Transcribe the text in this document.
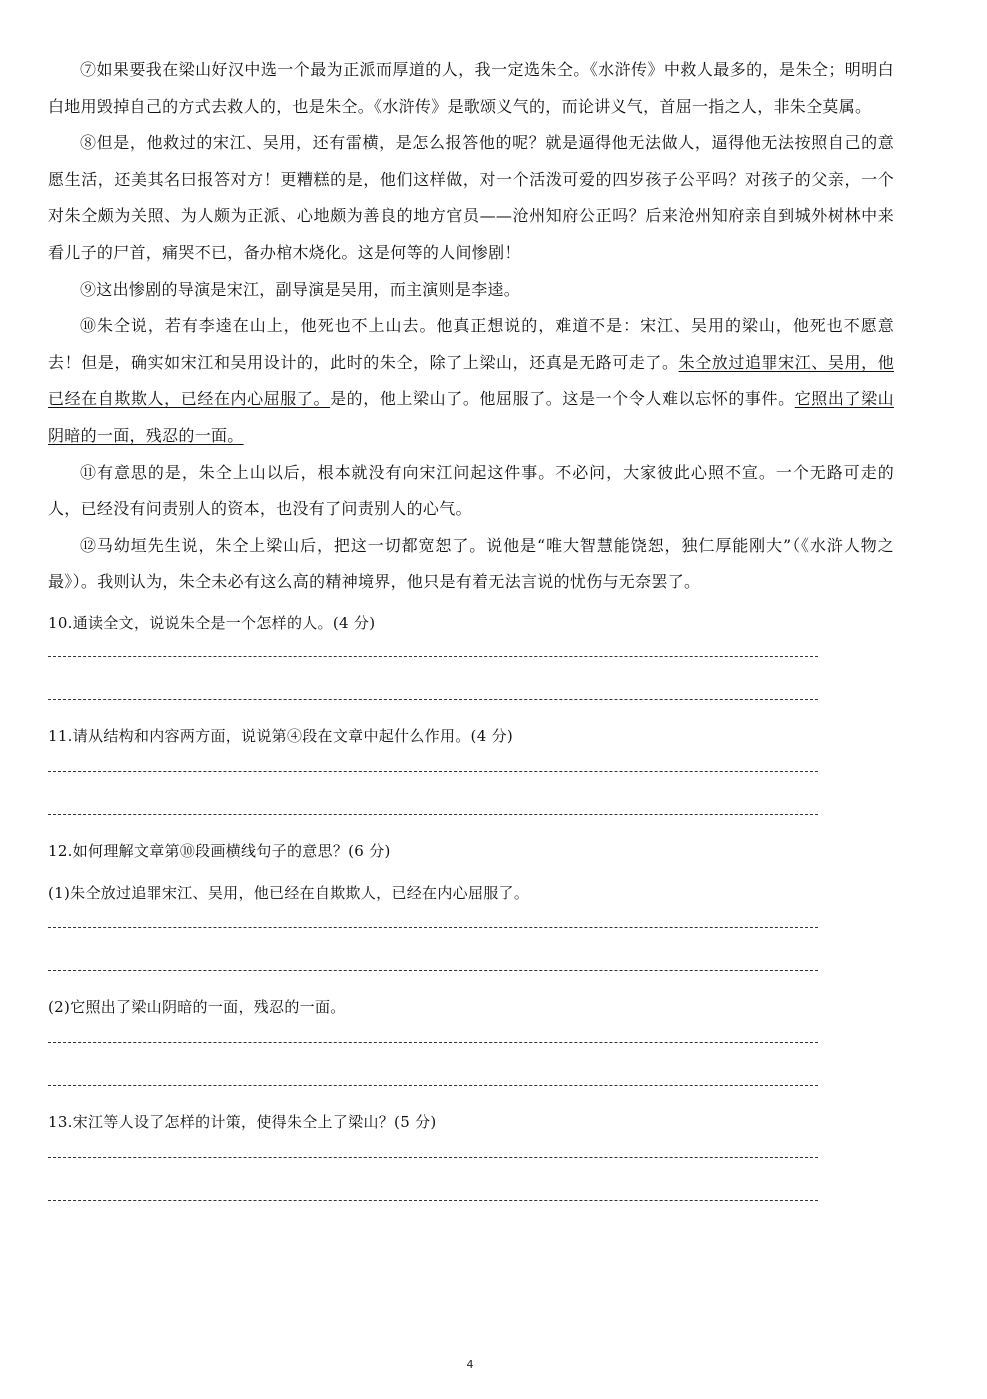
⑦如果要我在梁山好汉中选一个最为正派而厚道的人，我一定选朱仝。《水浒传》中救人最多的，是朱仝；明明白白地用毁掉自己的方式去救人的，也是朱仝。《水浒传》是歌颂义气的，而论讲义气，首屈一指之人，非朱仝莫属。

⑧但是，他救过的宋江、吴用，还有雷横，是怎么报答他的呢？就是逼得他无法做人，逼得他无法按照自己的意愿生活，还美其名曰报答对方！更糟糕的是，他们这样做，对一个活泼可爱的四岁孩子公平吗？对孩子的父亲，一个对朱仝颇为关照、为人颇为正派、心地颇为善良的地方官员——沧州知府公正吗？后来沧州知府亲自到城外树林中来看儿子的尸首，痛哭不已，备办棺木烧化。这是何等的人间惨剧！

⑨这出惨剧的导演是宋江，副导演是吴用，而主演则是李逵。

⑩朱仝说，若有李逵在山上，他死也不上山去。他真正想说的，难道不是：宋江、吴用的梁山，他死也不愿意去！但是，确实如宋江和吴用设计的，此时的朱仝，除了上梁山，还真是无路可走了。朱仝放过追罪宋江、吴用，他已经在自欺欺人，已经在内心屈服了。是的，他上梁山了。他屈服了。这是一个令人难以忘怀的事件。它照出了梁山阴暗的一面，残忍的一面。

⑪有意思的是，朱仝上山以后，根本就没有向宋江问起这件事。不必问，大家彼此心照不宣。一个无路可走的人，已经没有问责别人的资本，也没有了问责别人的心气。

⑫马幼垣先生说，朱仝上梁山后，把这一切都宽恕了。说他是“唯大智慧能饶恕，独仁厚能刚大”（《水浒人物之最》）。我则认为，朱仝未必有这么高的精神境界，他只是有着无法言说的忧伤与无奈罢了。

10.通读全文，说说朱仝是一个怎样的人。(4 分)

11.请从结构和内容两方面，说说第④段在文章中起什么作用。(4 分)

12.如何理解文章第⑩段画横线句子的意思？(6 分)

(1)朱仝放过追罪宋江、吴用，他已经在自欺欺人，已经在内心屈服了。

(2)它照出了梁山阴暗的一面，残忍的一面。

13.宋江等人设了怎样的计策，使得朱仝上了梁山？(5 分)

4
